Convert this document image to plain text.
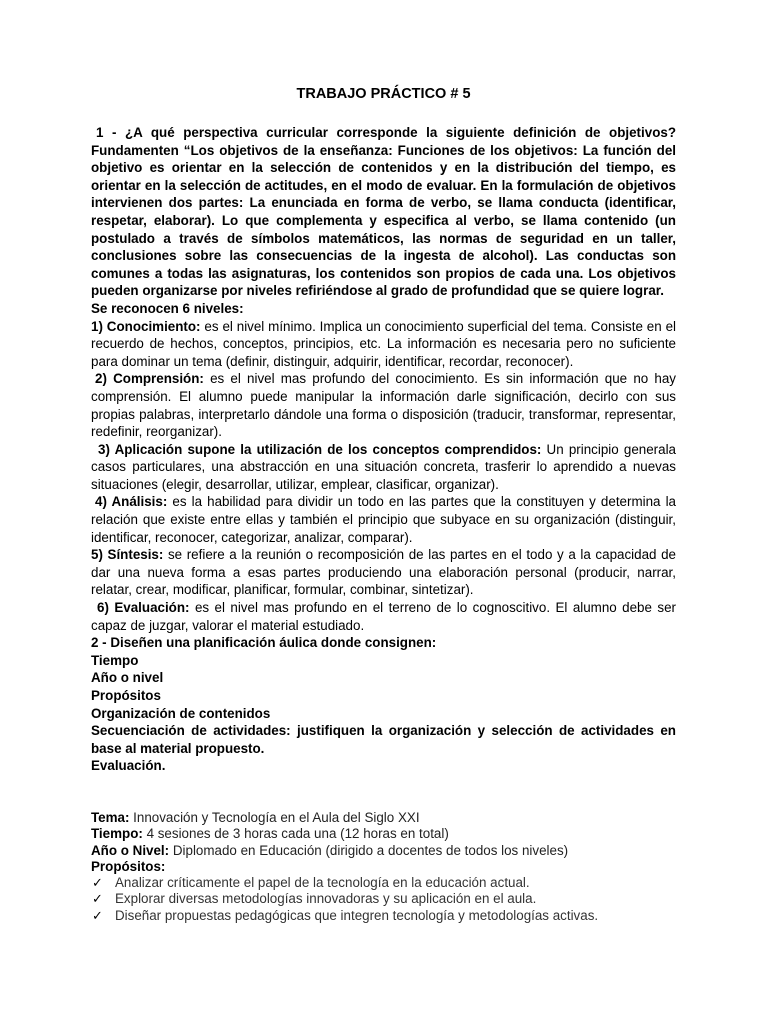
TRABAJO PRÁCTICO # 5

1 - ¿A qué perspectiva curricular corresponde la siguiente definición de objetivos? Fundamenten “Los objetivos de la enseñanza: Funciones de los objetivos: La función del objetivo es orientar en la selección de contenidos y en la distribución del tiempo, es orientar en la selección de actitudes, en el modo de evaluar. En la formulación de objetivos intervienen dos partes: La enunciada en forma de verbo, se llama conducta (identificar, respetar, elaborar). Lo que complementa y especifica al verbo, se llama contenido (un postulado a través de símbolos matemáticos, las normas de seguridad en un taller, conclusiones sobre las consecuencias de la ingesta de alcohol). Las conductas son comunes a todas las asignaturas, los contenidos son propios de cada una. Los objetivos pueden organizarse por niveles refiriéndose al grado de profundidad que se quiere lograr.

Se reconocen 6 niveles:

1) Conocimiento: es el nivel mínimo. Implica un conocimiento superficial del tema. Consiste en el recuerdo de hechos, conceptos, principios, etc. La información es necesaria pero no suficiente para dominar un tema (definir, distinguir, adquirir, identificar, recordar, reconocer).

2) Comprensión: es el nivel mas profundo del conocimiento. Es sin información que no hay comprensión. El alumno puede manipular la información darle significación, decirlo con sus propias palabras, interpretarlo dándole una forma o disposición (traducir, transformar, representar, redefinir, reorganizar).

3) Aplicación supone la utilización de los conceptos comprendidos: Un principio generala casos particulares, una abstracción en una situación concreta, trasferir lo aprendido a nuevas situaciones (elegir, desarrollar, utilizar, emplear, clasificar, organizar).

4) Análisis: es la habilidad para dividir un todo en las partes que la constituyen y determina la relación que existe entre ellas y también el principio que subyace en su organización (distinguir, identificar, reconocer, categorizar, analizar, comparar).

5) Síntesis: se refiere a la reunión o recomposición de las partes en el todo y a la capacidad de dar una nueva forma a esas partes produciendo una elaboración personal (producir, narrar, relatar, crear, modificar, planificar, formular, combinar, sintetizar).

6) Evaluación: es el nivel mas profundo en el terreno de lo cognoscitivo. El alumno debe ser capaz de juzgar, valorar el material estudiado.

2 - Diseñen una planificación áulica donde consignen:

Tiempo

Año o nivel

Propósitos

Organización de contenidos

Secuenciación de actividades: justifiquen la organización y selección de actividades en base al material propuesto.

Evaluación.

Tema: Innovación y Tecnología en el Aula del Siglo XXI

Tiempo: 4 sesiones de 3 horas cada una (12 horas en total)

Año o Nivel: Diplomado en Educación (dirigido a docentes de todos los niveles)

Propósitos:

✓ Analizar críticamente el papel de la tecnología en la educación actual.
✓ Explorar diversas metodologías innovadoras y su aplicación en el aula.
✓ Diseñar propuestas pedagógicas que integren tecnología y metodologías activas.
